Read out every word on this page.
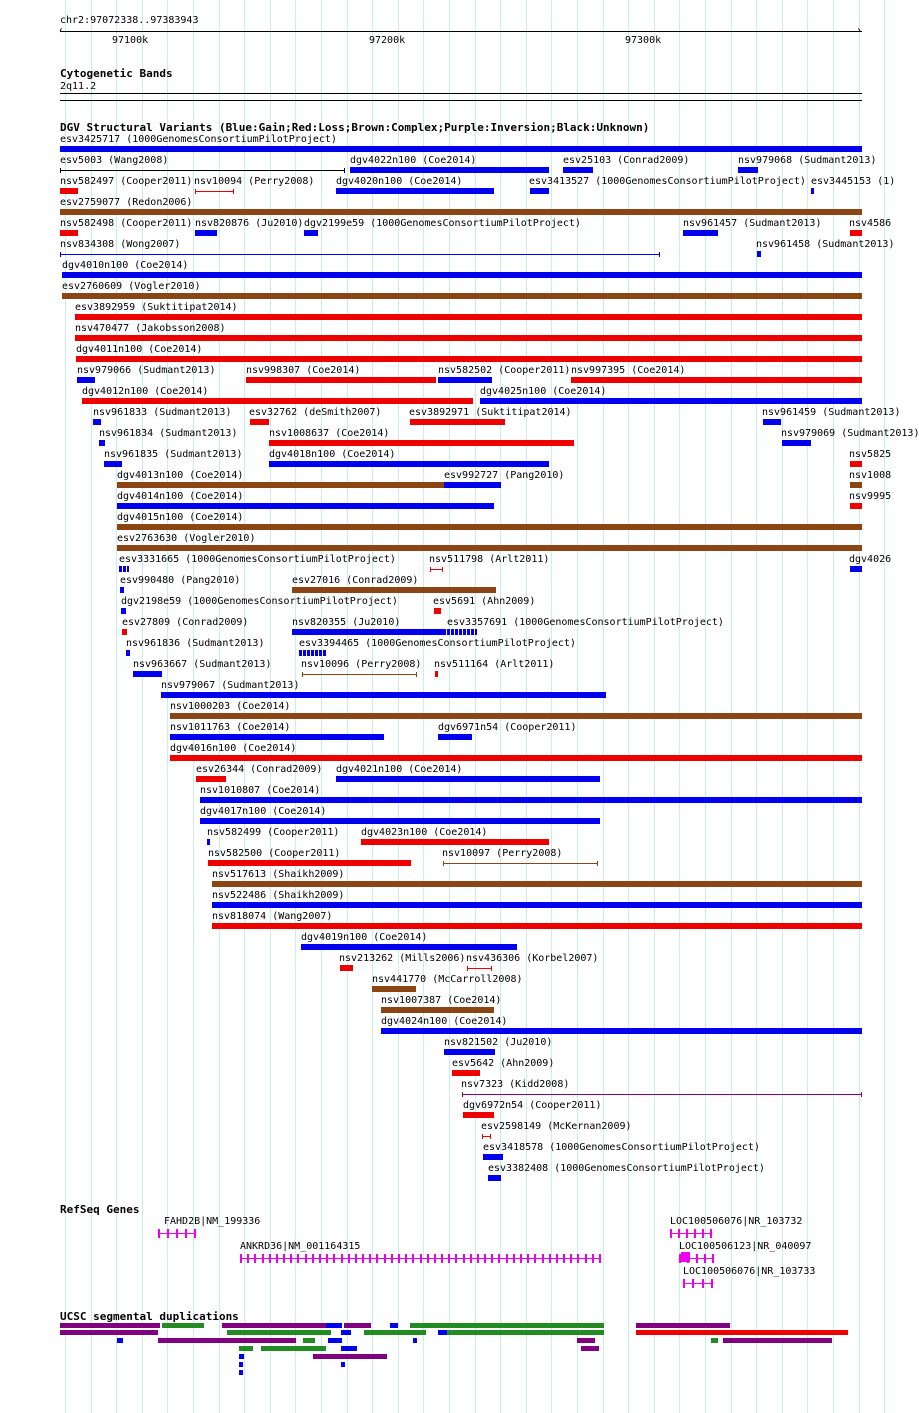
chr2:97072338..97383943
‹	›
97100k	97200k	97300k
Cytogenetic Bands
2q11.2
DGV Structural Variants (Blue:Gain;Red:Loss;Brown:Complex;Purple:Inversion;Black:Unknown)
esv3425717 (1000GenomesConsortiumPilotProject)
esv5003 (Wang2008)	dgv4022n100 (Coe2014)	esv25103 (Conrad2009)	nsv979068 (Sudmant2013)
nsv582497 (Cooper2011) nsv10094 (Perry2008) dgv4020n100 (Coe2014)	esv3413527 (1000GenomesConsortiumPilotProject) esv3445153 (1)
esv2759077 (Redon2006)
nsv582498 (Cooper2011) nsv820876 (Ju2010) dgv2199e59 (1000GenomesConsortiumPilotProject)	nsv961457 (Sudmant2013)	nsv4586
nsv834308 (Wong2007)	nsv961458 (Sudmant2013)
dgv4010n100 (Coe2014)
esv2760609 (Vogler2010)
esv3892959 (Suktitipat2014)
nsv470477 (Jakobsson2008)
dgv4011n100 (Coe2014)
nsv979066 (Sudmant2013)	nsv998307 (Coe2014)	nsv582502 (Cooper2011) nsv997395 (Coe2014)
dgv4012n100 (Coe2014)	dgv4025n100 (Coe2014)
nsv961833 (Sudmant2013) esv32762 (deSmith2007)	esv3892971 (Suktitipat2014)	nsv961459 (Sudmant2013)
nsv961834 (Sudmant2013)	nsv1008637 (Coe2014)	nsv979069 (Sudmant2013)
nsv961835 (Sudmant2013)	dgv4018n100 (Coe2014)	nsv5825
dgv4013n100 (Coe2014)	esv992727 (Pang2010)	nsv1008
dgv4014n100 (Coe2014)	nsv9995
dgv4015n100 (Coe2014)
esv2763630 (Vogler2010)
esv3331665 (1000GenomesConsortiumPilotProject)	nsv511798 (Arlt2011)	dgv4026
esv990480 (Pang2010)	esv27016 (Conrad2009)
dgv2198e59 (1000GenomesConsortiumPilotProject)	esv5691 (Ahn2009)
esv27809 (Conrad2009)	nsv820355 (Ju2010)	esv3357691 (1000GenomesConsortiumPilotProject)
nsv961836 (Sudmant2013)	esv3394465 (1000GenomesConsortiumPilotProject)
nsv963667 (Sudmant2013)	nsv10096 (Perry2008) nsv511164 (Arlt2011)
nsv979067 (Sudmant2013)
nsv1000203 (Coe2014)
nsv1011763 (Coe2014)	dgv6971n54 (Cooper2011)
dgv4016n100 (Coe2014)
esv26344 (Conrad2009) dgv4021n100 (Coe2014)
nsv1010807 (Coe2014)
dgv4017n100 (Coe2014)
nsv582499 (Cooper2011) dgv4023n100 (Coe2014)
nsv582500 (Cooper2011)	nsv10097 (Perry2008)
nsv517613 (Shaikh2009)
nsv522486 (Shaikh2009)
nsv818074 (Wang2007)
dgv4019n100 (Coe2014)
nsv213262 (Mills2006) nsv436306 (Korbel2007)
nsv441770 (McCarroll2008)
nsv1007387 (Coe2014)
dgv4024n100 (Coe2014)
nsv821502 (Ju2010)
esv5642 (Ahn2009)
nsv7323 (Kidd2008)
dgv6972n54 (Cooper2011)
esv2598149 (McKernan2009)
esv3418578 (1000GenomesConsortiumPilotProject)
esv3382408 (1000GenomesConsortiumPilotProject)
RefSeq Genes
FAHD2B|NM_199336
‹
ANKRD36|NM_001164315
›
LOC100506076|NR_103732
›
LOC100506123|NR_040097
›
LOC100506076|NR_103733
›
UCSC segmental duplications
